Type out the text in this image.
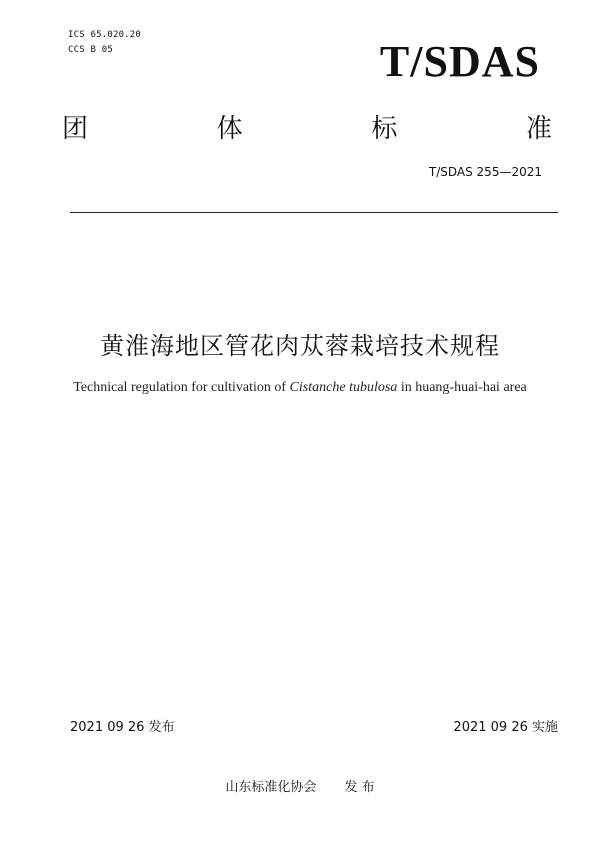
ICS 65.020.20
CCS B 05	T/SDAS
团	体	标	准
T/SDAS 255—2021
黄淮海地区管花肉苁蓉栽培技术规程
Technical regulation for cultivation of Cistanche tubulosa in huang-huai-hai area
2021 09 26 发布	2021 09 26 实施
山东标准化协会 发 布
